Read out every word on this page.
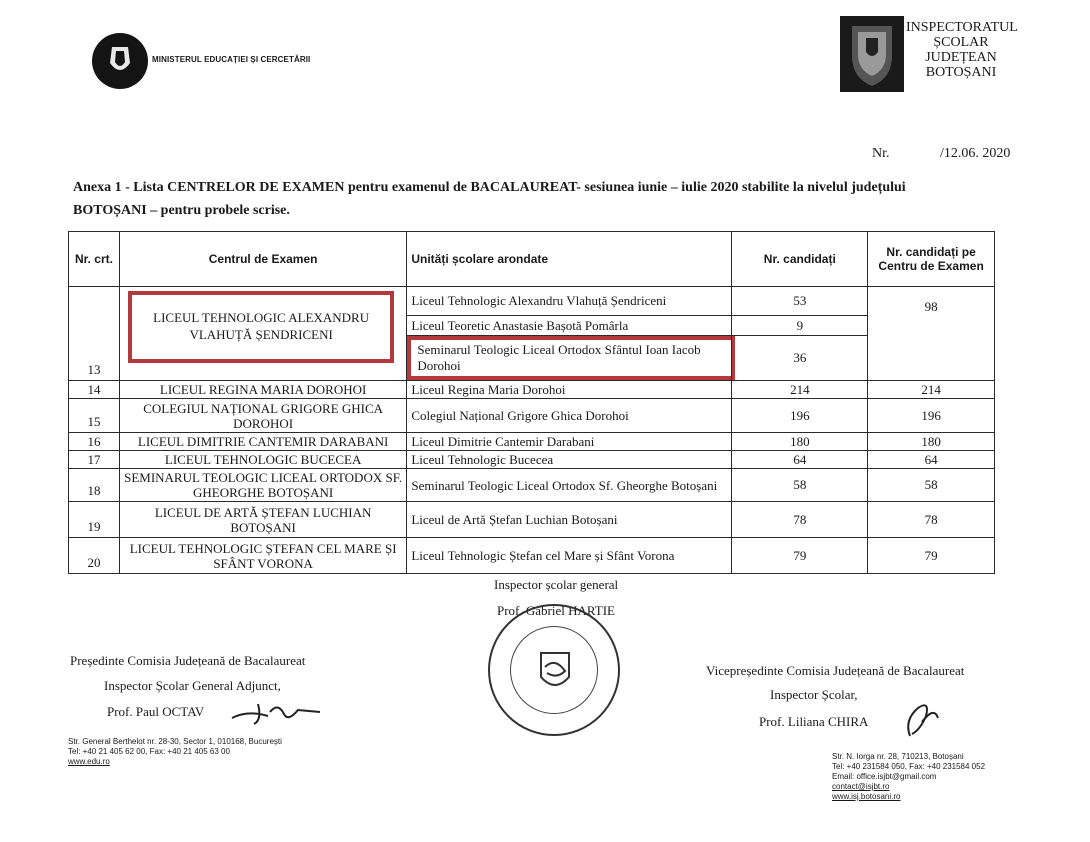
MINISTERUL EDUCAȚIEI ȘI CERCETĂRII
INSPECTORATUL
ȘCOLAR
JUDEȚEAN
BOTOȘANI
Nr.	/12.06. 2020
Anexa 1 - Lista CENTRELOR DE EXAMEN pentru examenul de BACALAUREAT- sesiunea iunie – iulie 2020 stabilite la nivelul județului
BOTOȘANI – pentru probele scrise.
Nr. crt.	Centrul de Examen	Unități școlare arondate	Nr. candidați	Nr. candidați pe Centru de Examen
13	LICEUL TEHNOLOGIC ALEXANDRU VLAHUȚĂ ȘENDRICENI	Liceul Tehnologic Alexandru Vlahuță Șendriceni	53	98
		Liceul Teoretic Anastasie Bașotă Pomârla	9	

		Seminarul Teologic Liceal Ortodox Sfântul Ioan Iacob Dorohoi	36	
14	LICEUL REGINA MARIA DOROHOI	Liceul Regina Maria Dorohoi	214	214
15	COLEGIUL NAȚIONAL GRIGORE GHICA DOROHOI	Colegiul Național Grigore Ghica Dorohoi	196	196
16	LICEUL DIMITRIE CANTEMIR DARABANI	Liceul Dimitrie Cantemir Darabani	180	180
17	LICEUL TEHNOLOGIC BUCECEA	Liceul Tehnologic Bucecea	64	64
18	SEMINARUL TEOLOGIC LICEAL ORTODOX SF. GHEORGHE BOTOȘANI	Seminarul Teologic Liceal Ortodox Sf. Gheorghe Botoșani	58	58
19	LICEUL DE ARTĂ ȘTEFAN LUCHIAN BOTOȘANI	Liceul de Artă Ștefan Luchian Botoșani	78	78
20	LICEUL TEHNOLOGIC ȘTEFAN CEL MARE ȘI SFÂNT VORONA	Liceul Tehnologic Ștefan cel Mare și Sfânt Vorona	79	79
Inspector școlar general
Prof. Gabriel HARTIE
Președinte Comisia Județeană de Bacalaureat
Inspector Școlar General Adjunct,
Prof. Paul OCTAV
Vicepreședinte Comisia Județeană de Bacalaureat
Inspector Școlar,
Prof. Liliana CHIRA
Str. General Berthelot nr. 28-30, Sector 1, 010168, București
Tel: +40 21 405 62 00, Fax: +40 21 405 63 00
www.edu.ro
Str. N. Iorga nr. 28, 710213, Botoșani
Tel: +40 231584 050, Fax: +40 231584 052
Email: office.isjbt@gmail.com
contact@isjbt.ro
www.isj.botosani.ro
